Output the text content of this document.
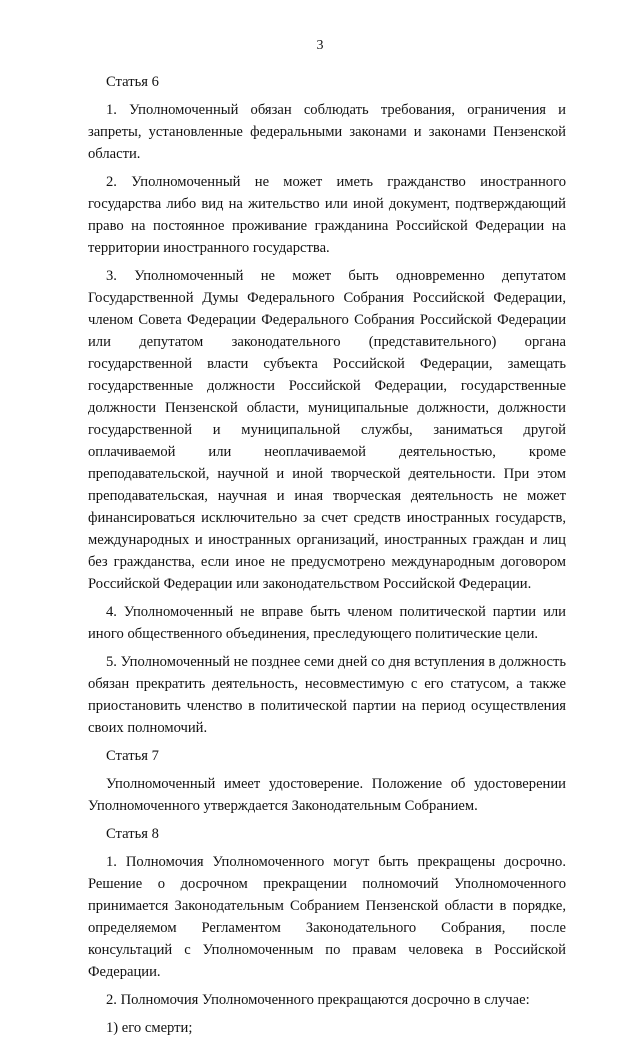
3

Статья 6

1. Уполномоченный обязан соблюдать требования, ограничения и запреты, установленные федеральными законами и законами Пензенской области.

2. Уполномоченный не может иметь гражданство иностранного государства либо вид на жительство или иной документ, подтверждающий право на постоянное проживание гражданина Российской Федерации на территории иностранного государства.

3. Уполномоченный не может быть одновременно депутатом Государственной Думы Федерального Собрания Российской Федерации, членом Совета Федерации Федерального Собрания Российской Федерации или депутатом законодательного (представительного) органа государственной власти субъекта Российской Федерации, замещать государственные должности Российской Федерации, государственные должности Пензенской области, муниципальные должности, должности государственной и муниципальной службы, заниматься другой оплачиваемой или неоплачиваемой деятельностью, кроме преподавательской, научной и иной творческой деятельности. При этом преподавательская, научная и иная творческая деятельность не может финансироваться исключительно за счет средств иностранных государств, международных и иностранных организаций, иностранных граждан и лиц без гражданства, если иное не предусмотрено международным договором Российской Федерации или законодательством Российской Федерации.

4. Уполномоченный не вправе быть членом политической партии или иного общественного объединения, преследующего политические цели.

5. Уполномоченный не позднее семи дней со дня вступления в должность обязан прекратить деятельность, несовместимую с его статусом, а также приостановить членство в политической партии на период осуществления своих полномочий.

Статья 7

Уполномоченный имеет удостоверение. Положение об удостоверении Уполномоченного утверждается Законодательным Собранием.

Статья 8

1. Полномочия Уполномоченного могут быть прекращены досрочно. Решение о досрочном прекращении полномочий Уполномоченного принимается Законодательным Собранием Пензенской области в порядке, определяемом Регламентом Законодательного Собрания, после консультаций с Уполномоченным по правам человека в Российской Федерации.

2. Полномочия Уполномоченного прекращаются досрочно в случае:

1) его смерти;
